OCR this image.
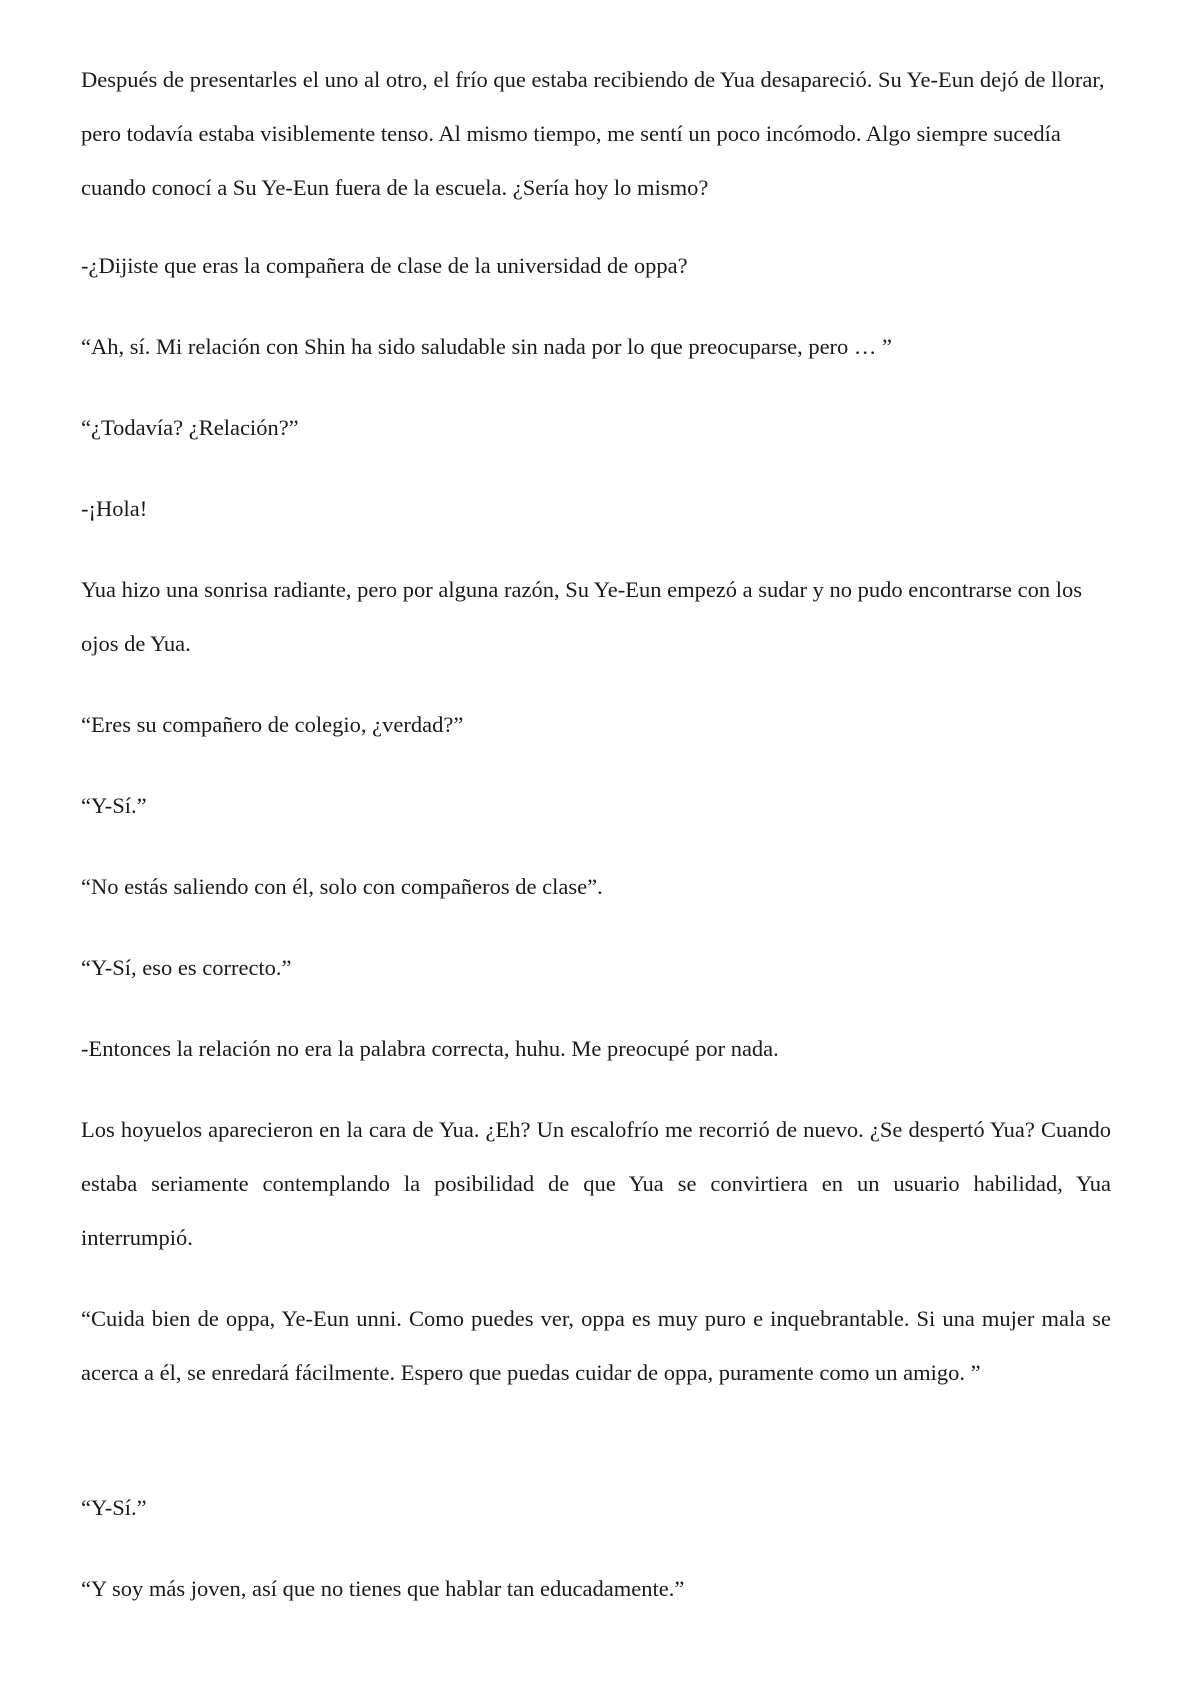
Después de presentarles el uno al otro, el frío que estaba recibiendo de Yua desapareció. Su Ye-Eun dejó de llorar, pero todavía estaba visiblemente tenso. Al mismo tiempo, me sentí un poco incómodo. Algo siempre sucedía cuando conocí a Su Ye-Eun fuera de la escuela. ¿Sería hoy lo mismo?

-¿Dijiste que eras la compañera de clase de la universidad de oppa?

“Ah, sí. Mi relación con Shin ha sido saludable sin nada por lo que preocuparse, pero … ”

“¿Todavía? ¿Relación?”

-¡Hola!

Yua hizo una sonrisa radiante, pero por alguna razón, Su Ye-Eun empezó a sudar y no pudo encontrarse con los ojos de Yua.

“Eres su compañero de colegio, ¿verdad?”

“Y-Sí.”

“No estás saliendo con él, solo con compañeros de clase”.

“Y-Sí, eso es correcto.”

-Entonces la relación no era la palabra correcta, huhu. Me preocupé por nada.

Los hoyuelos aparecieron en la cara de Yua. ¿Eh? Un escalofrío me recorrió de nuevo. ¿Se despertó Yua? Cuando estaba seriamente contemplando la posibilidad de que Yua se convirtiera en un usuario habilidad, Yua interrumpió.

“Cuida bien de oppa, Ye-Eun unni. Como puedes ver, oppa es muy puro e inquebrantable. Si una mujer mala se acerca a él, se enredará fácilmente. Espero que puedas cuidar de oppa, puramente como un amigo. ”

“Y-Sí.”

“Y soy más joven, así que no tienes que hablar tan educadamente.”
